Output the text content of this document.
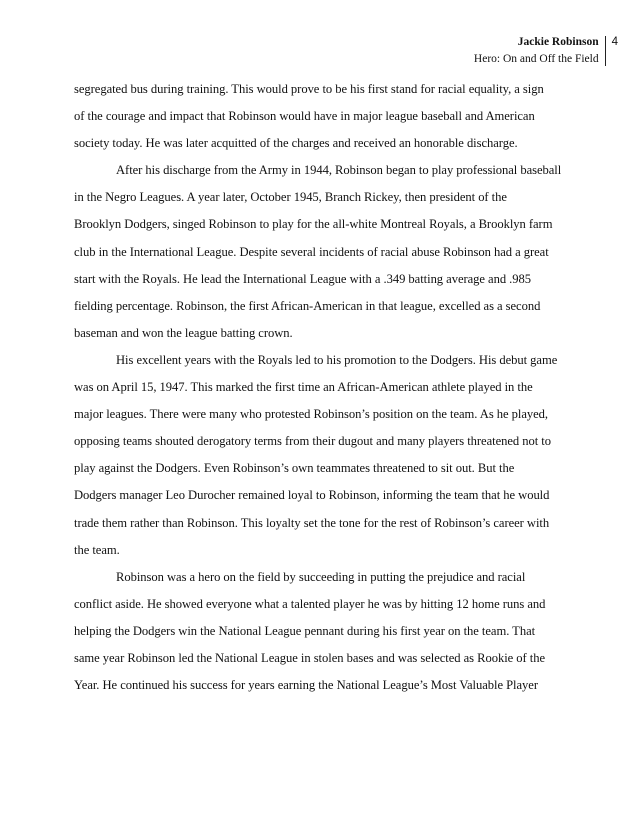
Jackie Robinson
Hero: On and Off the Field
4
segregated bus during training. This would prove to be his first stand for racial equality, a sign
of the courage and impact that Robinson would have in major league baseball and American
society today. He was later acquitted of the charges and received an honorable discharge.
After his discharge from the Army in 1944, Robinson began to play professional baseball
in the Negro Leagues. A year later, October 1945, Branch Rickey, then president of the
Brooklyn Dodgers, singed Robinson to play for the all-white Montreal Royals, a Brooklyn farm
club in the International League. Despite several incidents of racial abuse Robinson had a great
start with the Royals. He lead the International League with a .349 batting average and .985
fielding percentage. Robinson, the first African-American in that league, excelled as a second
baseman and won the league batting crown.
His excellent years with the Royals led to his promotion to the Dodgers. His debut game
was on April 15, 1947. This marked the first time an African-American athlete played in the
major leagues. There were many who protested Robinson’s position on the team. As he played,
opposing teams shouted derogatory terms from their dugout and many players threatened not to
play against the Dodgers. Even Robinson’s own teammates threatened to sit out. But the
Dodgers manager Leo Durocher remained loyal to Robinson, informing the team that he would
trade them rather than Robinson. This loyalty set the tone for the rest of Robinson’s career with
the team.
Robinson was a hero on the field by succeeding in putting the prejudice and racial
conflict aside. He showed everyone what a talented player he was by hitting 12 home runs and
helping the Dodgers win the National League pennant during his first year on the team. That
same year Robinson led the National League in stolen bases and was selected as Rookie of the
Year. He continued his success for years earning the National League’s Most Valuable Player
